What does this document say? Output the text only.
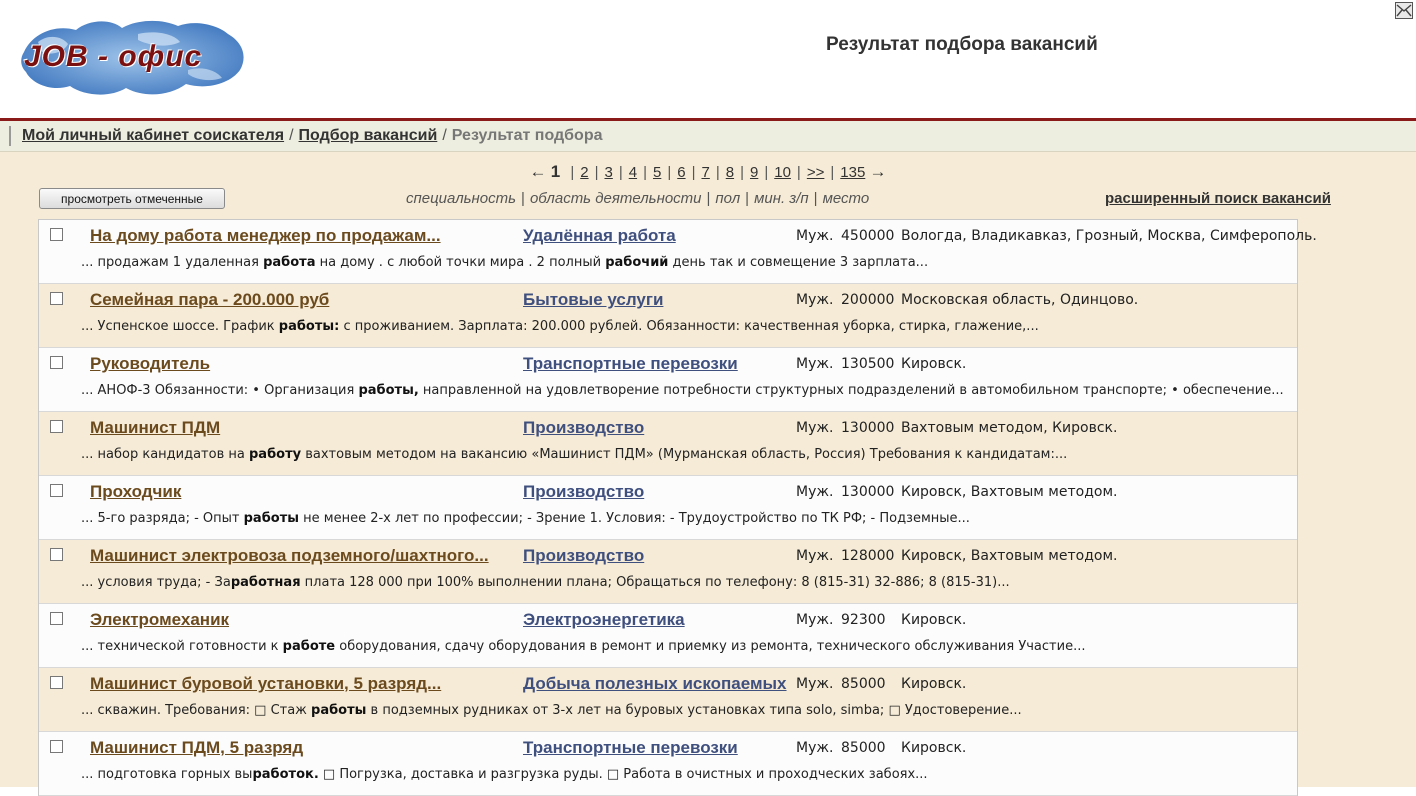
JOB - офис	Результат подбора вакансий
Мой личный кабинет соискателя / Подбор вакансий / Результат подбора
← 1 | 2 | 3 | 4 | 5 | 6 | 7 | 8 | 9 | 10 | >> | 135 →
просмотреть отмеченные	специальность | область деятельности | пол | мин. з/п | место	расширенный поиск вакансий
На дому работа менеджер по продажам...	Удалённая работа	Муж. 450000 Вологда, Владикавказ, Грозный, Москва, Симферополь.
... продажам 1 удаленная работа на дому . с любой точки мира . 2 полный рабочий день так и совмещение 3 зарплата...
Семейная пара - 200.000 руб	Бытовые услуги	Муж. 200000 Московская область, Одинцово.
... Успенское шоссе. График работы: с проживанием. Зарплата: 200.000 рублей. Обязанности: качественная уборка, стирка, глажение,...
Руководитель	Транспортные перевозки	Муж. 130500 Кировск.
... АНОФ-3 Обязанности: • Организация работы, направленной на удовлетворение потребности структурных подразделений в автомобильном транспорте; • обеспечение...
Машинист ПДМ	Производство	Муж. 130000 Вахтовым методом, Кировск.
... набор кандидатов на работу вахтовым методом на вакансию «Машинист ПДМ» (Мурманская область, Россия) Требования к кандидатам:...
Проходчик	Производство	Муж. 130000 Кировск, Вахтовым методом.
... 5-го разряда; - Опыт работы не менее 2-х лет по профессии; - Зрение 1. Условия: - Трудоустройство по ТК РФ; - Подземные...
Машинист электровоза подземного/шахтного... Производство	Муж. 128000 Кировск, Вахтовым методом.
... условия труда; - Заработная плата 128 000 при 100% выполнении плана; Обращаться по телефону: 8 (815-31) 32-886; 8 (815-31)...
Электромеханик	Электроэнергетика	Муж. 92300 Кировск.
... технической готовности к работе оборудования, сдачу оборудования в ремонт и приемку из ремонта, технического обслуживания Участие...
Машинист буровой установки, 5 разряд...	Добыча полезных ископаемых Муж. 85000 Кировск.
... скважин. Требования: □ Стаж работы в подземных рудниках от 3-х лет на буровых установках типа solo, simba; □ Удостоверение...
Машинист ПДМ, 5 разряд	Транспортные перевозки	Муж. 85000 Кировск.
... подготовка горных выработок. □ Погрузка, доставка и разгрузка руды. □ Работа в очистных и проходческих забоях...
